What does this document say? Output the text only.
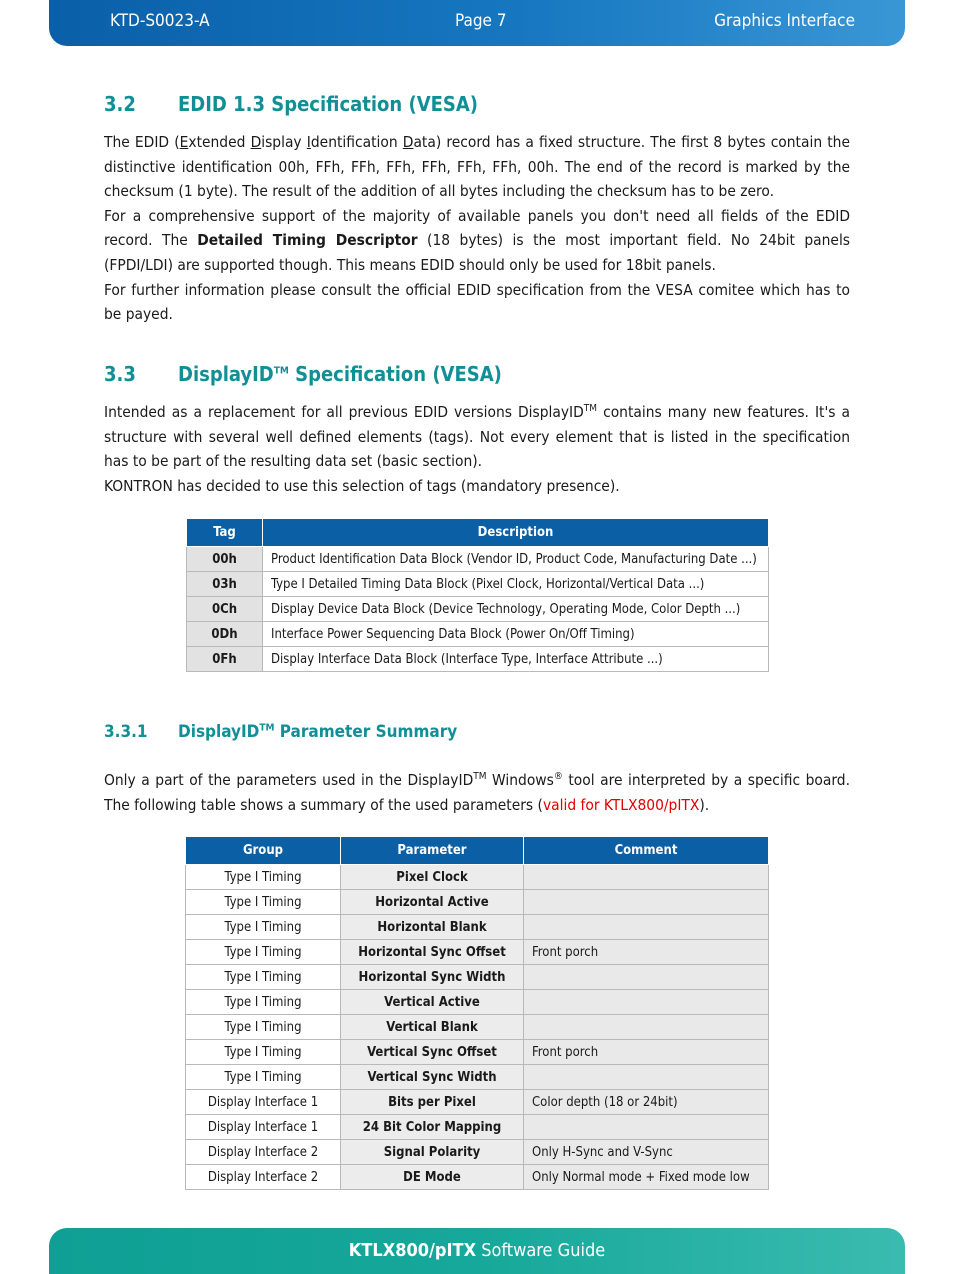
KTD-S0023-A	Page 7	Graphics Interface
3.2 EDID 1.3 Specification (VESA)

The EDID (Extended Display Identification Data) record has a fixed structure. The first 8 bytes contain the distinctive identification 00h, FFh, FFh, FFh, FFh, FFh, FFh, 00h. The end of the record is marked by the checksum (1 byte). The result of the addition of all bytes including the checksum has to be zero.

For a comprehensive support of the majority of available panels you don't need all fields of the EDID record. The Detailed Timing Descriptor (18 bytes) is the most important field. No 24bit panels (FPDI/LDI) are supported though. This means EDID should only be used for 18bit panels.

For further information please consult the official EDID specification from the VESA comitee which has to be payed.

3.3 DisplayID™ Specification (VESA)

Intended as a replacement for all previous EDID versions DisplayID™ contains many new features. It's a structure with several well defined elements (tags). Not every element that is listed in the specification has to be part of the resulting data set (basic section).

KONTRON has decided to use this selection of tags (mandatory presence).

Tag	Description
00h	Product Identification Data Block (Vendor ID, Product Code, Manufacturing Date ...)
03h	Type I Detailed Timing Data Block (Pixel Clock, Horizontal/Vertical Data ...)
0Ch	Display Device Data Block (Device Technology, Operating Mode, Color Depth ...)
0Dh	Interface Power Sequencing Data Block (Power On/Off Timing)
0Fh	Display Interface Data Block (Interface Type, Interface Attribute ...)
3.3.1 DisplayID™ Parameter Summary

Only a part of the parameters used in the DisplayID™ Windows® tool are interpreted by a specific board. The following table shows a summary of the used parameters (valid for KTLX800/pITX).

Group	Parameter	Comment
Type I Timing	Pixel Clock	
Type I Timing	Horizontal Active	
Type I Timing	Horizontal Blank	
Type I Timing	Horizontal Sync Offset	Front porch
Type I Timing	Horizontal Sync Width	
Type I Timing	Vertical Active	
Type I Timing	Vertical Blank	
Type I Timing	Vertical Sync Offset	Front porch
Type I Timing	Vertical Sync Width	
Display Interface 1	Bits per Pixel	Color depth (18 or 24bit)
Display Interface 1	24 Bit Color Mapping	
Display Interface 2	Signal Polarity	Only H-Sync and V-Sync
Display Interface 2	DE Mode	Only Normal mode + Fixed mode low
KTLX800/pITX Software Guide
